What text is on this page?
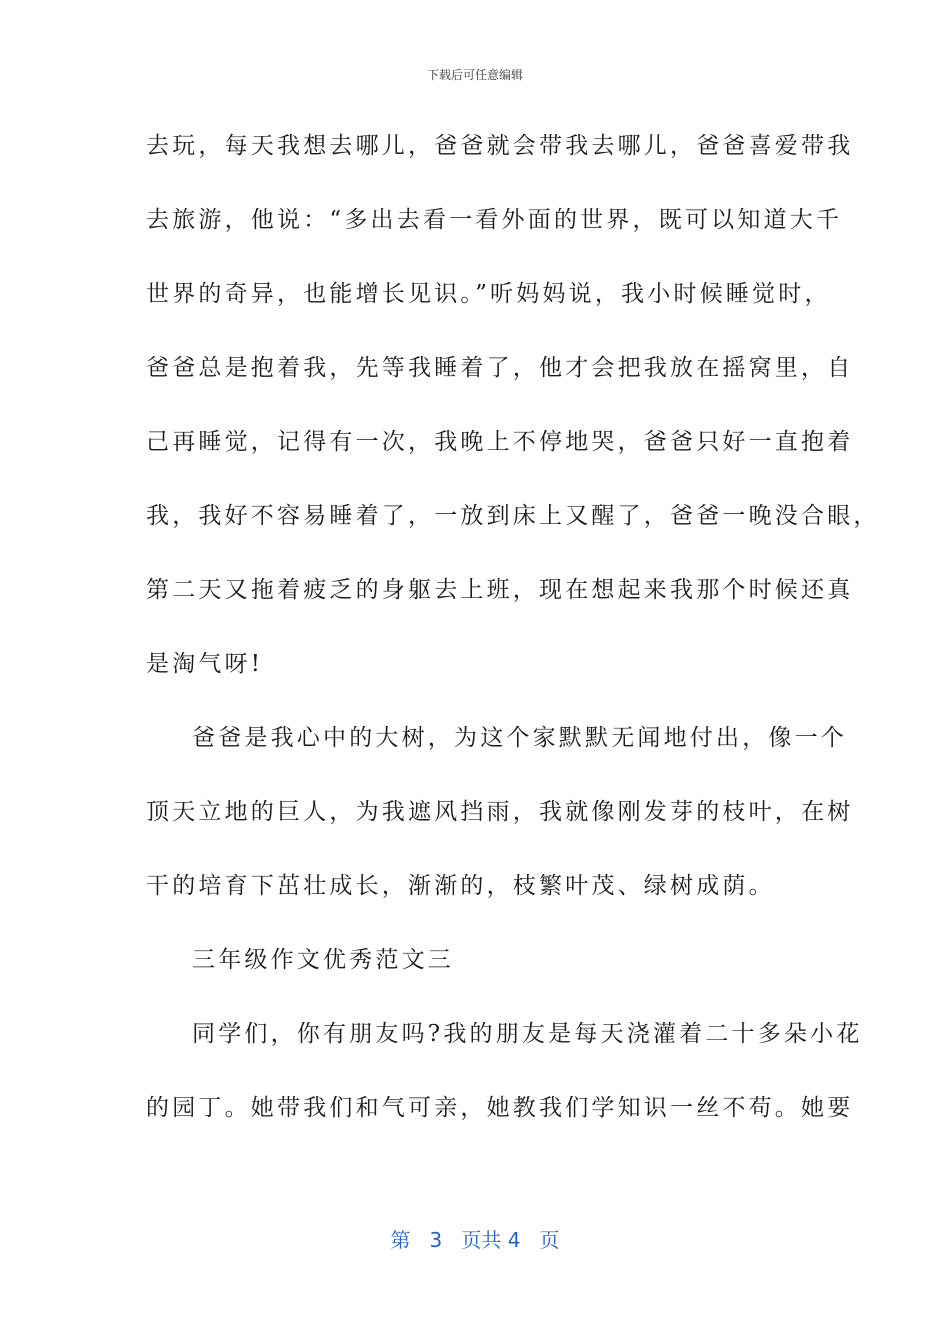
下载后可任意编辑
去玩，每天我想去哪儿，爸爸就会带我去哪儿，爸爸喜爱带我
去旅游，他说：“多出去看一看外面的世界，既可以知道大千
世界的奇异，也能增长见识。”听妈妈说，我小时候睡觉时，
爸爸总是抱着我，先等我睡着了，他才会把我放在摇窝里，自
己再睡觉，记得有一次，我晚上不停地哭，爸爸只好一直抱着
我，我好不容易睡着了，一放到床上又醒了，爸爸一晚没合眼，
第二天又拖着疲乏的身躯去上班，现在想起来我那个时候还真
是淘气呀!
爸爸是我心中的大树，为这个家默默无闻地付出，像一个
顶天立地的巨人，为我遮风挡雨，我就像刚发芽的枝叶，在树
干的培育下茁壮成长，渐渐的，枝繁叶茂、绿树成荫。
三年级作文优秀范文三
同学们，你有朋友吗?我的朋友是每天浇灌着二十多朵小花
的园丁。她带我们和气可亲，她教我们学知识一丝不苟。她要
第 3 页共 4 页
